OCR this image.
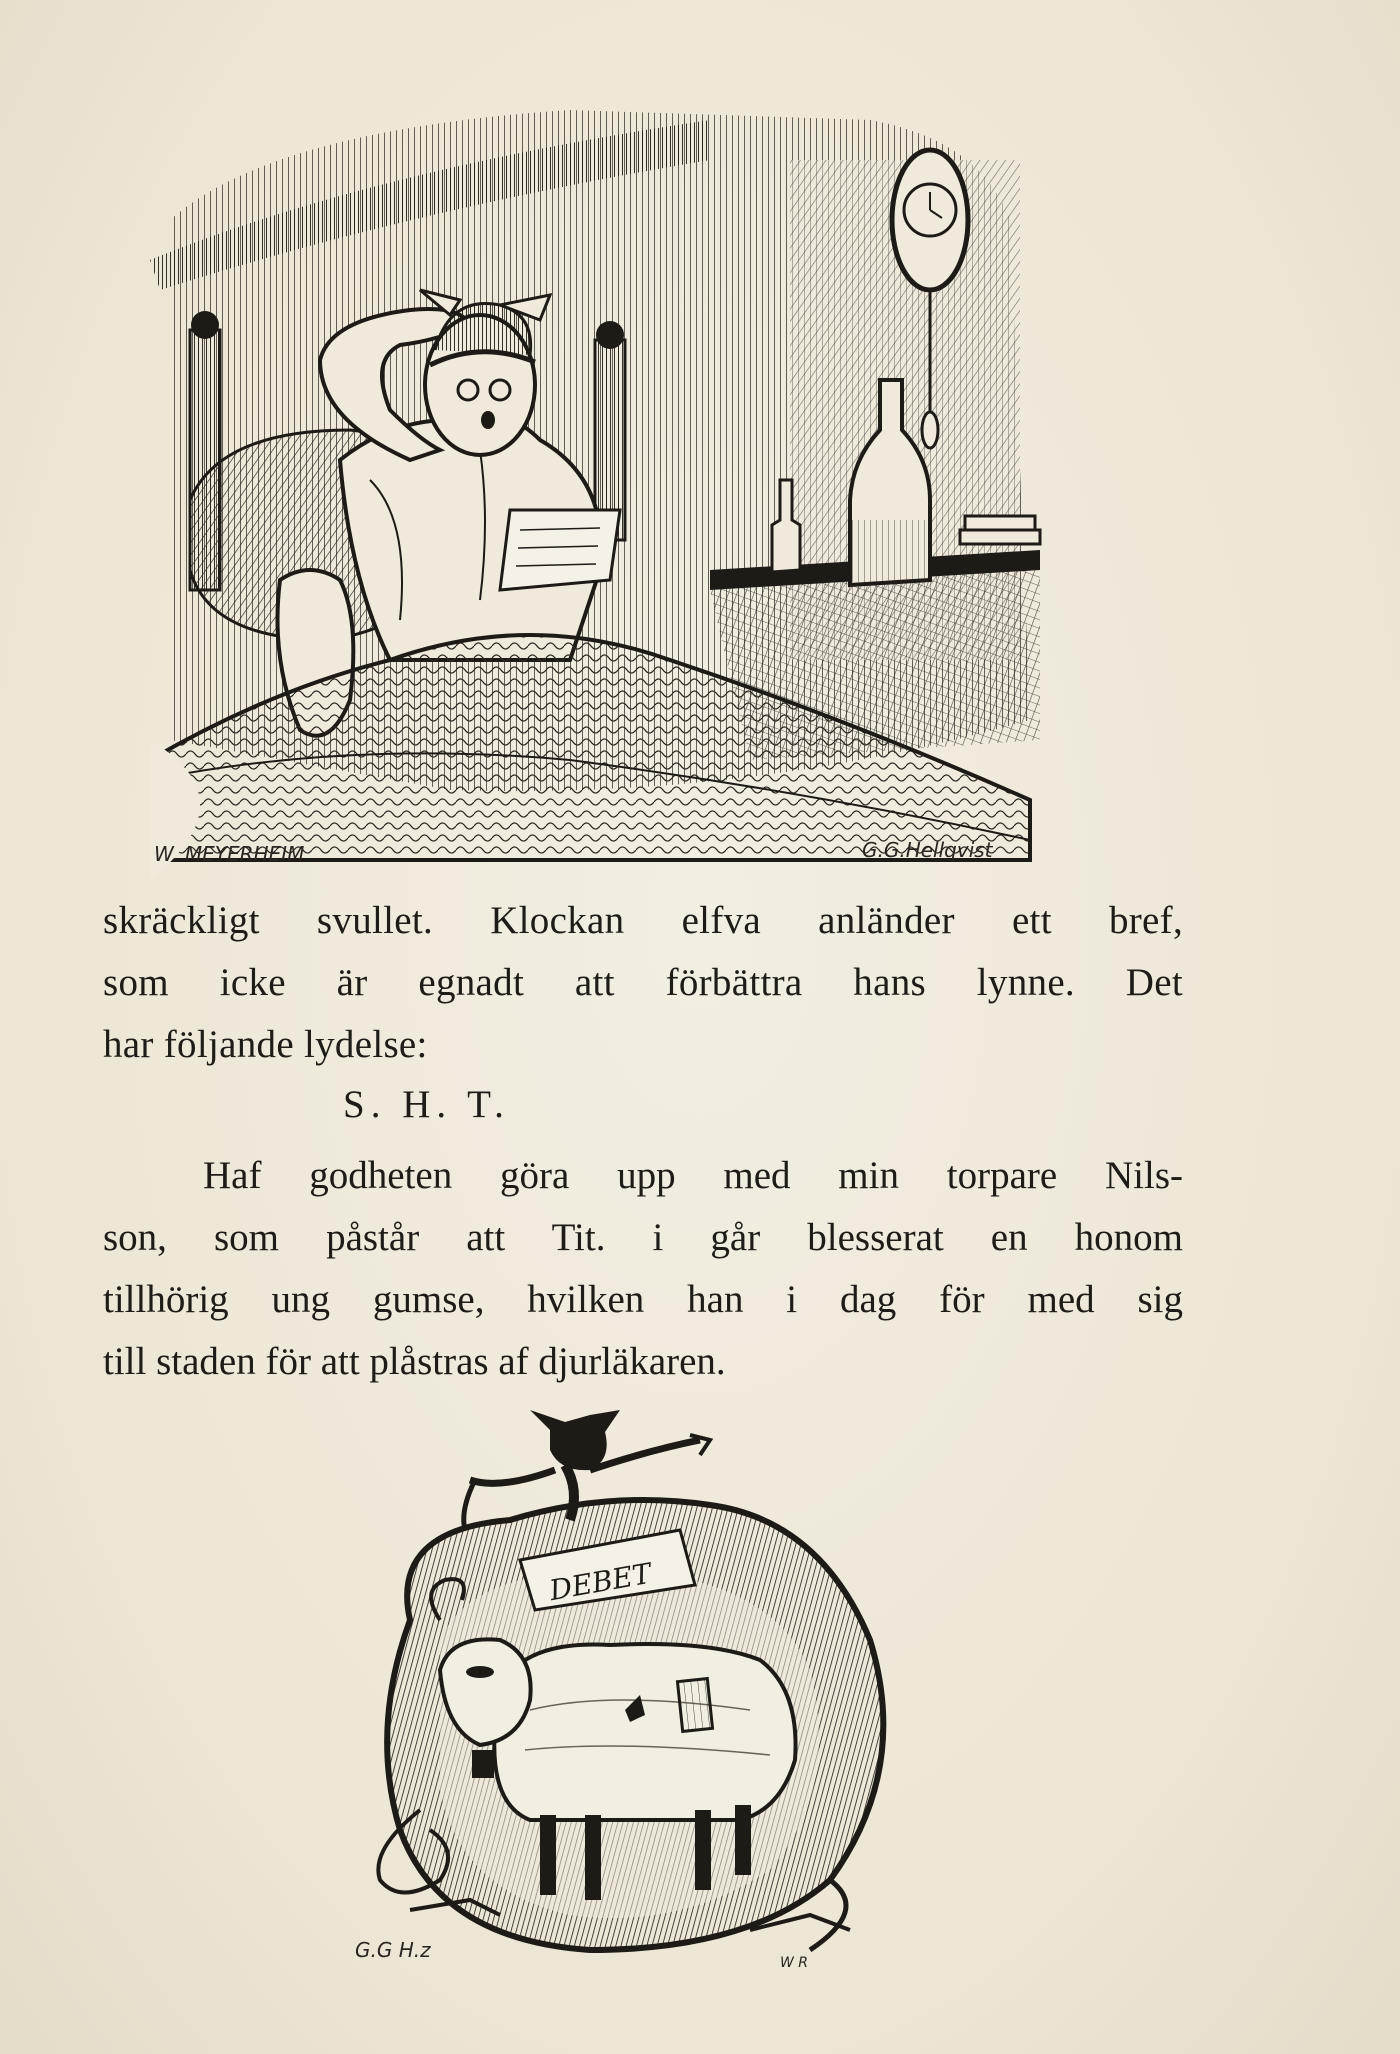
W. MEYERHEIM	G.G.Hellqvist
skräckligt svullet. Klockan elfva anländer ett bref,
som icke är egnadt att förbättra hans lynne. Det
har följande lydelse:
S. H. T.
Haf godheten göra upp med min torpare Nils-
son, som påstår att Tit. i går blesserat en honom
tillhörig ung gumse, hvilken han i dag för med sig
till staden för att plåstras af djurläkaren.
DEBET
G.G H.z
W R
